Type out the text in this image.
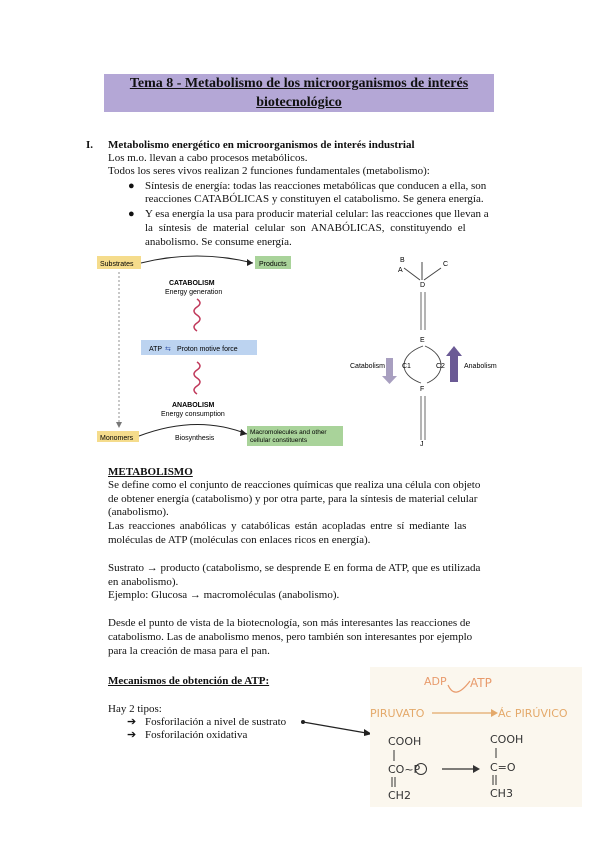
Tema 8 - Metabolismo de los microorganismos de interés
biotecnológico
I. Metabolismo energético en microorganismos de interés industrial
Los m.o. llevan a cabo procesos metabólicos.
Todos los seres vivos realizan 2 funciones fundamentales (metabolismo):
● Síntesis de energía: todas las reacciones metabólicas que conducen a ella, son
reacciones CATABÓLICAS y constituyen el catabolismo. Se genera energía.
● Y esa energía la usa para producir material celular: las reacciones que llevan a
la síntesis de material celular son ANABÓLICAS, constituyendo el
anabolismo. Se consume energía.
Substrates	Products
CATABOLISM
Energy generation
ATP ⇆ Proton motive force
ANABOLISM
Energy consumption
Monomers	Biosynthesis
Macromolecules and other
cellular constituents
B
A
C
D
E
C1	C2
F
J
Catabolism	Anabolism
METABOLISMO
Se define como el conjunto de reacciones químicas que realiza una célula con objeto
de obtener energía (catabolismo) y por otra parte, para la síntesis de material celular
(anabolismo).
Las reacciones anabólicas y catabólicas están acopladas entre sí mediante las
moléculas de ATP (moléculas con enlaces ricos en energía).
Sustrato → producto (catabolismo, se desprende E en forma de ATP, que es utilizada
en anabolismo).
Ejemplo: Glucosa → macromoléculas (anabolismo).
Desde el punto de vista de la biotecnología, son más interesantes las reacciones de
catabolismo. Las de anabolismo menos, pero también son interesantes por ejemplo
para la creación de masa para el pan.
Mecanismos de obtención de ATP:
Hay 2 tipos:
➔ Fosforilación a nivel de sustrato
➔ Fosforilación oxidativa
ADP ATP
PIRUVATO	Ác PIRÚVICO
COOH
CO~P
CH2
COOH
C=O
CH3
